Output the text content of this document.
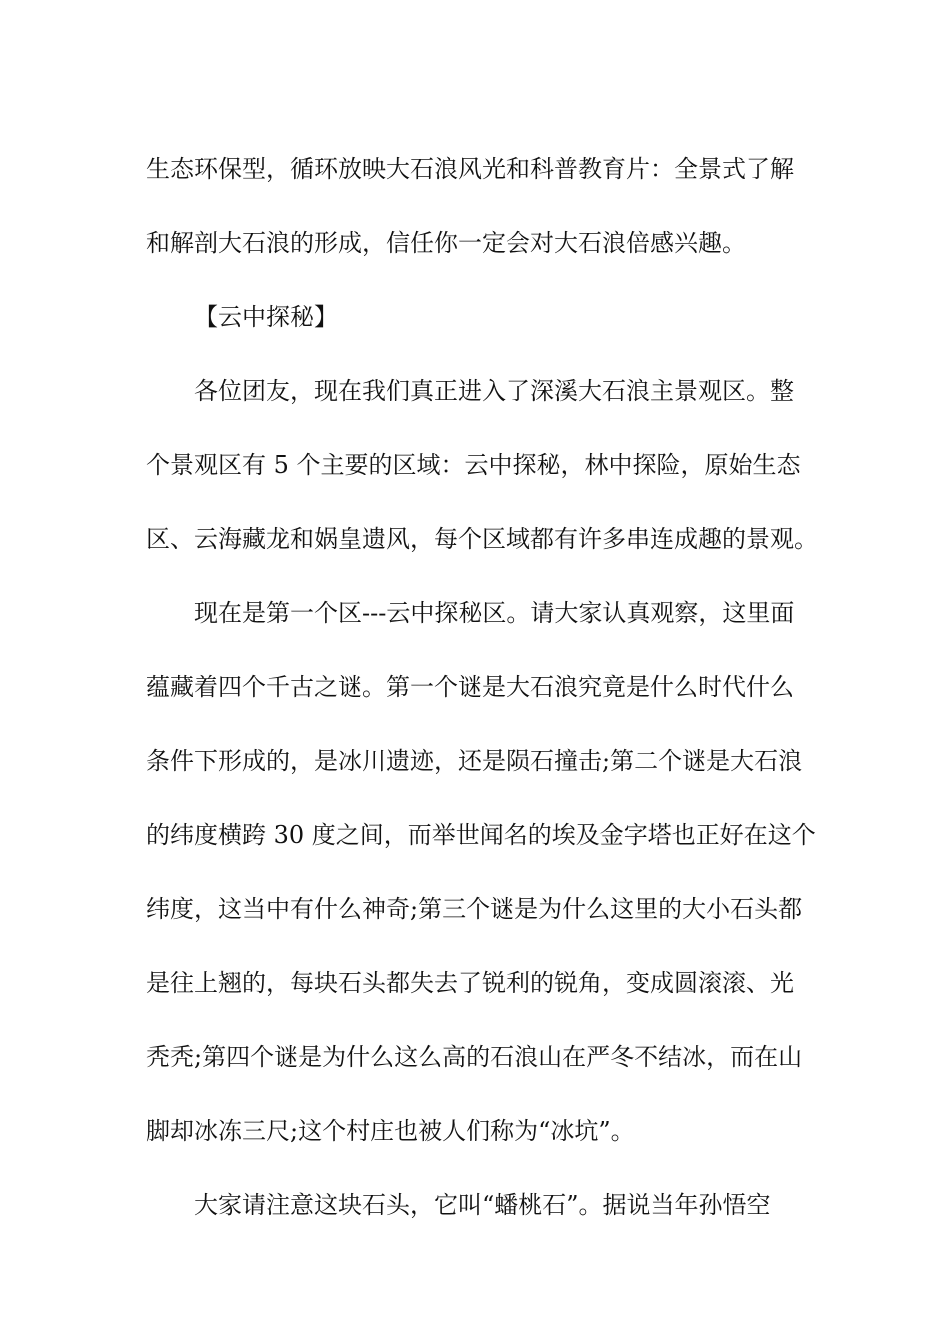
生态环保型，循环放映大石浪风光和科普教育片：全景式了解
和解剖大石浪的形成，信任你一定会对大石浪倍感兴趣。
【云中探秘】
各位团友，现在我们真正进入了深溪大石浪主景观区。整
个景观区有 5 个主要的区域：云中探秘，林中探险，原始生态
区、云海藏龙和娲皇遗风，每个区域都有许多串连成趣的景观。
现在是第一个区---云中探秘区。请大家认真观察，这里面
蕴藏着四个千古之谜。第一个谜是大石浪究竟是什么时代什么
条件下形成的，是冰川遗迹，还是陨石撞击;第二个谜是大石浪
的纬度横跨 30 度之间，而举世闻名的埃及金字塔也正好在这个
纬度，这当中有什么神奇;第三个谜是为什么这里的大小石头都
是往上翘的，每块石头都失去了锐利的锐角，变成圆滚滚、光
秃秃;第四个谜是为什么这么高的石浪山在严冬不结冰，而在山
脚却冰冻三尺;这个村庄也被人们称为“冰坑”。
大家请注意这块石头，它叫“蟠桃石”。据说当年孙悟空
